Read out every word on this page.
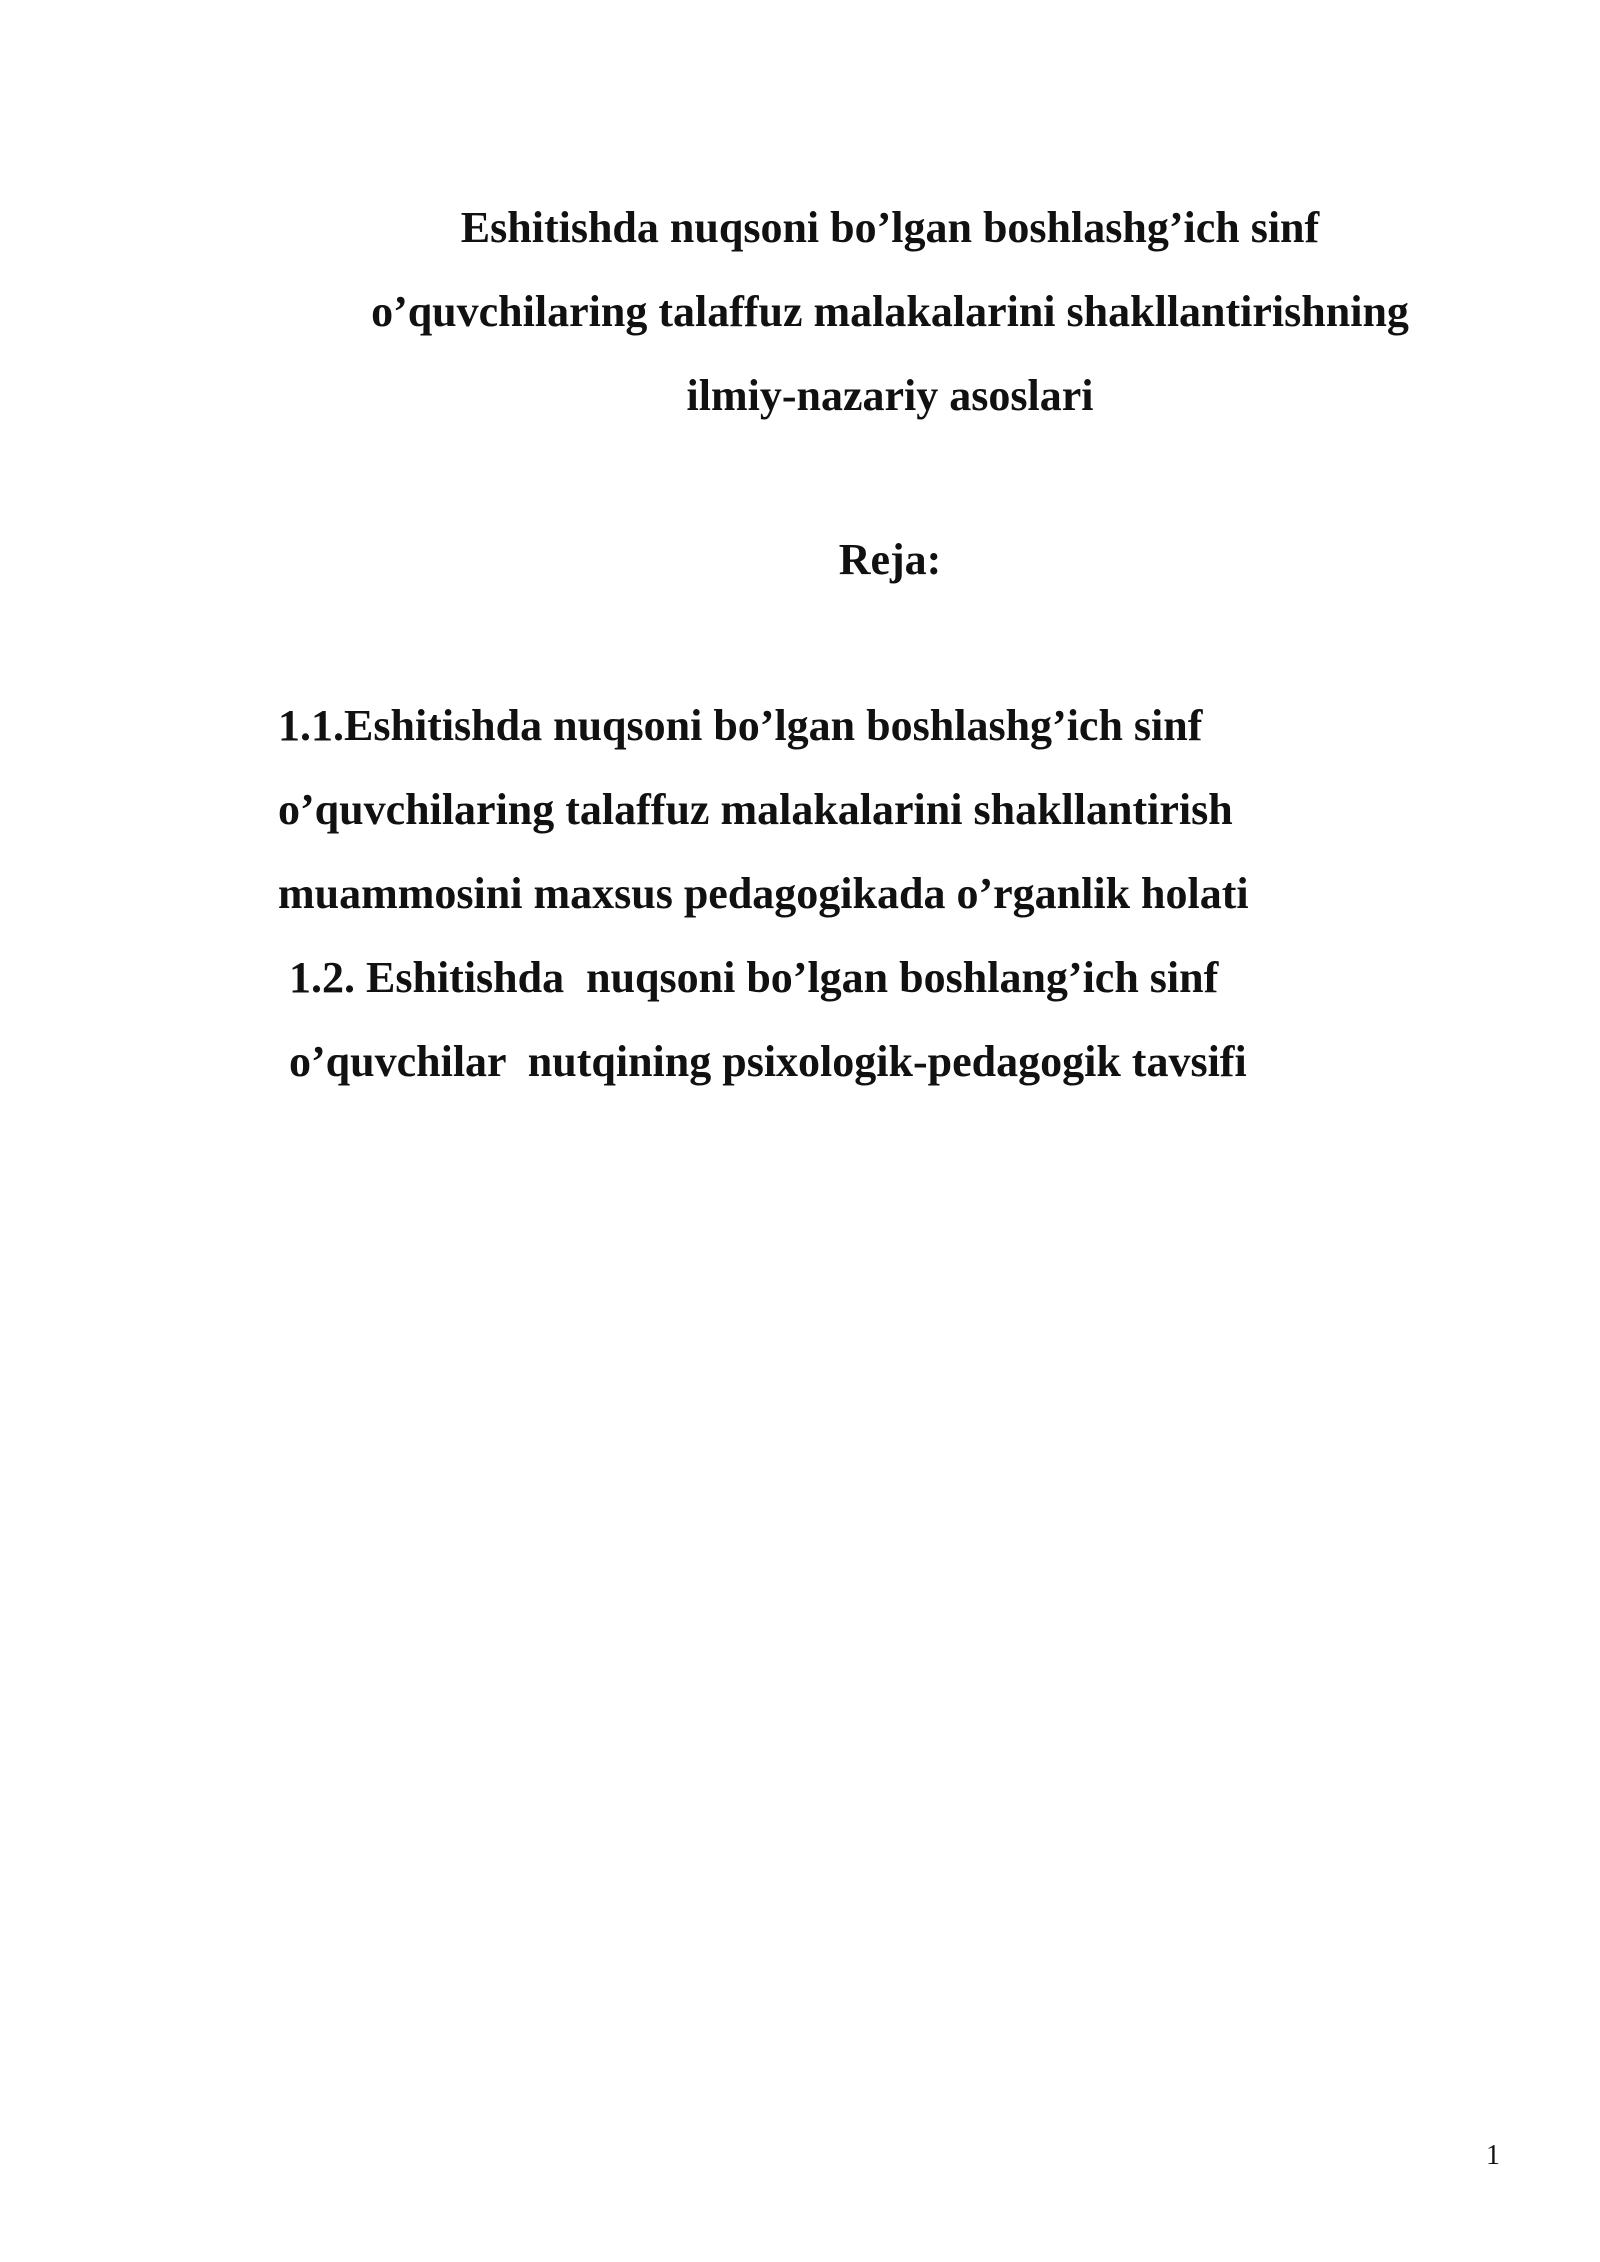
Eshitishda nuqsoni bo’lgan boshlashg’ich sinf
o’quvchilaring talaffuz malakalarini shakllantirishning
ilmiy-nazariy asoslari
Reja:
1.1.Eshitishda nuqsoni bo’lgan boshlashg’ich sinf
o’quvchilaring talaffuz malakalarini shakllantirish
muammosini maxsus pedagogikada o’rganlik holati
1.2. Eshitishda  nuqsoni bo’lgan boshlang’ich sinf
o’quvchilar  nutqining psixologik-pedagogik tavsifi
1
